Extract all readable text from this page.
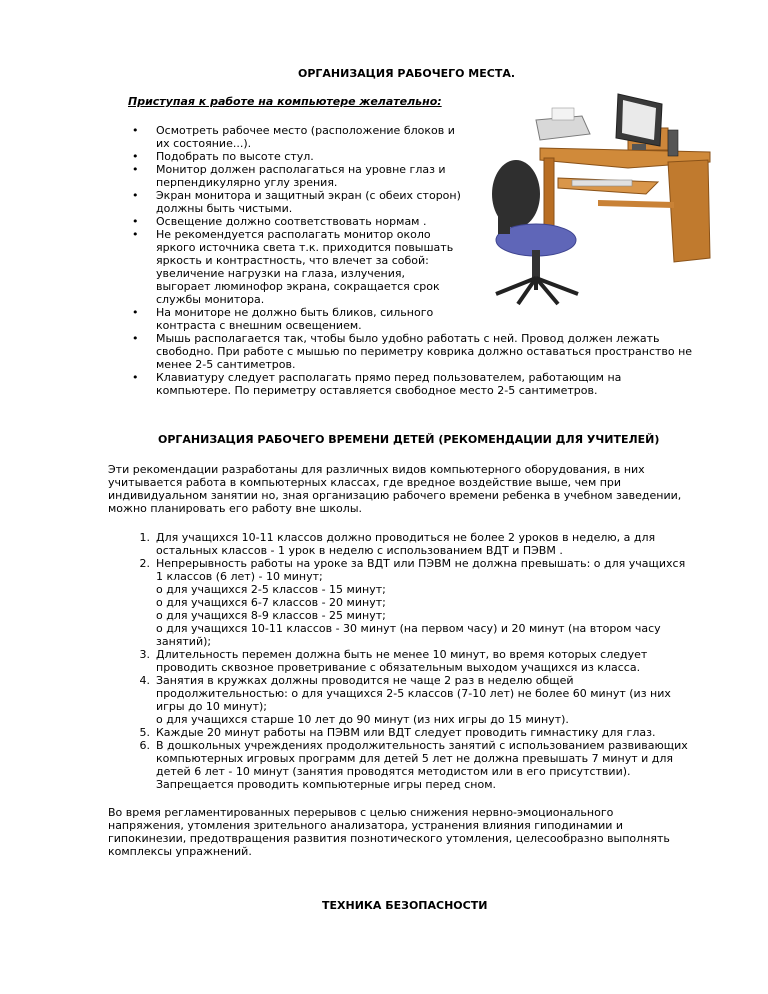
ОРГАНИЗАЦИЯ РАБОЧЕГО МЕСТА.
Приступая к работе на компьютере желательно:
• Осмотреть рабочее место (расположение блоков и
их состояние...).
• Подобрать по высоте стул.
• Монитор должен располагаться на уровне глаз и
перпендикулярно углу зрения.
• Экран монитора и защитный экран (с обеих сторон)
должны быть чистыми.
• Освещение должно соответствовать нормам .
• Не рекомендуется располагать монитор около
яркого источника света т.к. приходится повышать
яркость и контрастность, что влечет за собой:
увеличение нагрузки на глаза, излучения,
выгорает люминофор экрана, сокращается срок
службы монитора.
• На мониторе не должно быть бликов, сильного
контраста с внешним освещением.
• Мышь располагается так, чтобы было удобно работать с ней. Провод должен лежать
свободно. При работе с мышью по периметру коврика должно оставаться пространство не
менее 2-5 сантиметров.
• Клавиатуру следует располагать прямо перед пользователем, работающим на
компьютере. По периметру оставляется свободное место 2-5 сантиметров.
ОРГАНИЗАЦИЯ РАБОЧЕГО ВРЕМЕНИ ДЕТЕЙ (РЕКОМЕНДАЦИИ ДЛЯ УЧИТЕЛЕЙ)
Эти рекомендации разработаны для различных видов компьютерного оборудования, в них
учитывается работа в компьютерных классах, где вредное воздействие выше, чем при
индивидуальном занятии но, зная организацию рабочего времени ребенка в учебном заведении,
можно планировать его работу вне школы.
1. Для учащихся 10-11 классов должно проводиться не более 2 уроков в неделю, а для
остальных классов - 1 урок в неделю с использованием ВДТ и ПЭВМ .
2. Непрерывность работы на уроке за ВДТ или ПЭВМ не должна превышать: о для учащихся
1 классов (6 лет) - 10 минут;
о для учащихся 2-5 классов - 15 минут;
о для учащихся 6-7 классов - 20 минут;
о для учащихся 8-9 классов - 25 минут;
о для учащихся 10-11 классов - 30 минут (на первом часу) и 20 минут (на втором часу
занятий);
3. Длительность перемен должна быть не менее 10 минут, во время которых следует
проводить сквозное проветривание с обязательным выходом учащихся из класса.
4. Занятия в кружках должны проводится не чаще 2 раз в неделю общей
продолжительностью: о для учащихся 2-5 классов (7-10 лет) не более 60 минут (из них
игры до 10 минут);
о для учащихся старше 10 лет до 90 минут (из них игры до 15 минут).
5. Каждые 20 минут работы на ПЭВМ или ВДТ следует проводить гимнастику для глаз.
6. В дошкольных учреждениях продолжительность занятий с использованием развивающих
компьютерных игровых программ для детей 5 лет не должна превышать 7 минут и для
детей 6 лет - 10 минут (занятия проводятся методистом или в его присутствии).
Запрещается проводить компьютерные игры перед сном.
Во время регламентированных перерывов с целью снижения нервно-эмоционального
напряжения, утомления зрительного анализатора, устранения влияния гиподинамии и
гипокинезии, предотвращения развития познотического утомления, целесообразно выполнять
комплексы упражнений.
ТЕХНИКА БЕЗОПАСНОСТИ
